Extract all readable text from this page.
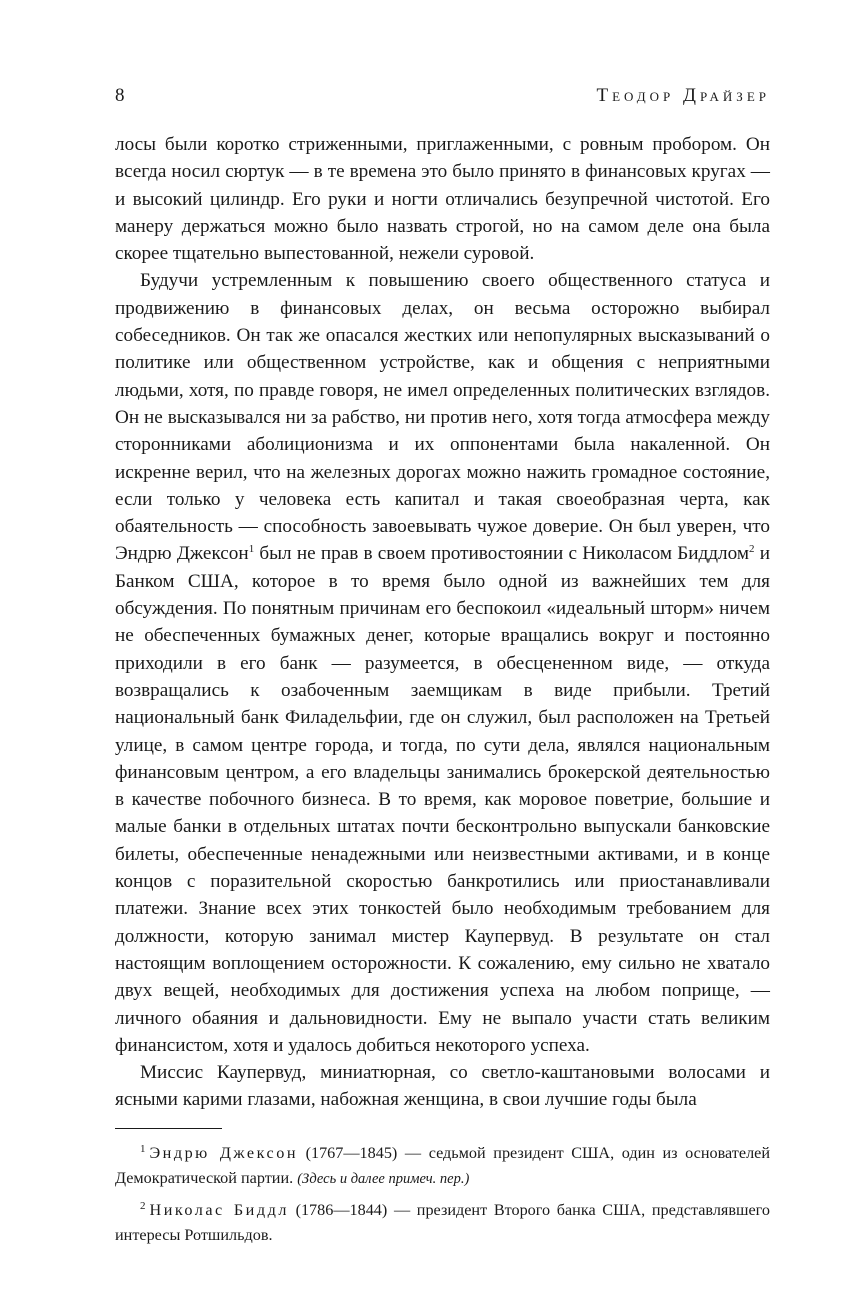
8	Теодор Драйзер

лосы были коротко стриженными, приглаженными, с ровным пробором. Он всегда носил сюртук — в те времена это было принято в финансовых кругах — и высокий цилиндр. Его руки и ногти отличались безупречной чистотой. Его манеру держаться можно было назвать строгой, но на самом деле она была скорее тщательно выпестованной, нежели суровой.

Будучи устремленным к повышению своего общественного статуса и продвижению в финансовых делах, он весьма осторожно выбирал собеседников. Он так же опасался жестких или непопулярных высказываний о политике или общественном устройстве, как и общения с неприятными людьми, хотя, по правде говоря, не имел определенных политических взглядов. Он не высказывался ни за рабство, ни против него, хотя тогда атмосфера между сторонниками аболиционизма и их оппонентами была накаленной. Он искренне верил, что на железных дорогах можно нажить громадное состояние, если только у человека есть капитал и такая своеобразная черта, как обаятельность — способность завоевывать чужое доверие. Он был уверен, что Эндрю Джексон$^1$ был не прав в своем противостоянии с Николасом Биддлом$^2$ и Банком США, которое в то время было одной из важнейших тем для обсуждения. По понятным причинам его беспокоил «идеальный шторм» ничем не обеспеченных бумажных денег, которые вращались вокруг и постоянно приходили в его банк — разумеется, в обесцененном виде, — откуда возвращались к озабоченным заемщикам в виде прибыли. Третий национальный банк Филадельфии, где он служил, был расположен на Третьей улице, в самом центре города, и тогда, по сути дела, являлся национальным финансовым центром, а его владельцы занимались брокерской деятельностью в качестве побочного бизнеса. В то время, как моровое поветрие, большие и малые банки в отдельных штатах почти бесконтрольно выпускали банковские билеты, обеспеченные ненадежными или неизвестными активами, и в конце концов с поразительной скоростью банкротились или приостанавливали платежи. Знание всех этих тонкостей было необходимым требованием для должности, которую занимал мистер Каупервуд. В результате он стал настоящим воплощением осторожности. К сожалению, ему сильно не хватало двух вещей, необходимых для достижения успеха на любом поприще, — личного обаяния и дальновидности. Ему не выпало участи стать великим финансистом, хотя и удалось добиться некоторого успеха.

Миссис Каупервуд, миниатюрная, со светло-каштановыми волосами и ясными карими глазами, набожная женщина, в свои лучшие годы была

$^1$ Эндрю Джексон (1767—1845) — седьмой президент США, один из основателей Демократической партии. (Здесь и далее примеч. пер.)

$^2$ Николас Биддл (1786—1844) — президент Второго банка США, представлявшего интересы Ротшильдов.
